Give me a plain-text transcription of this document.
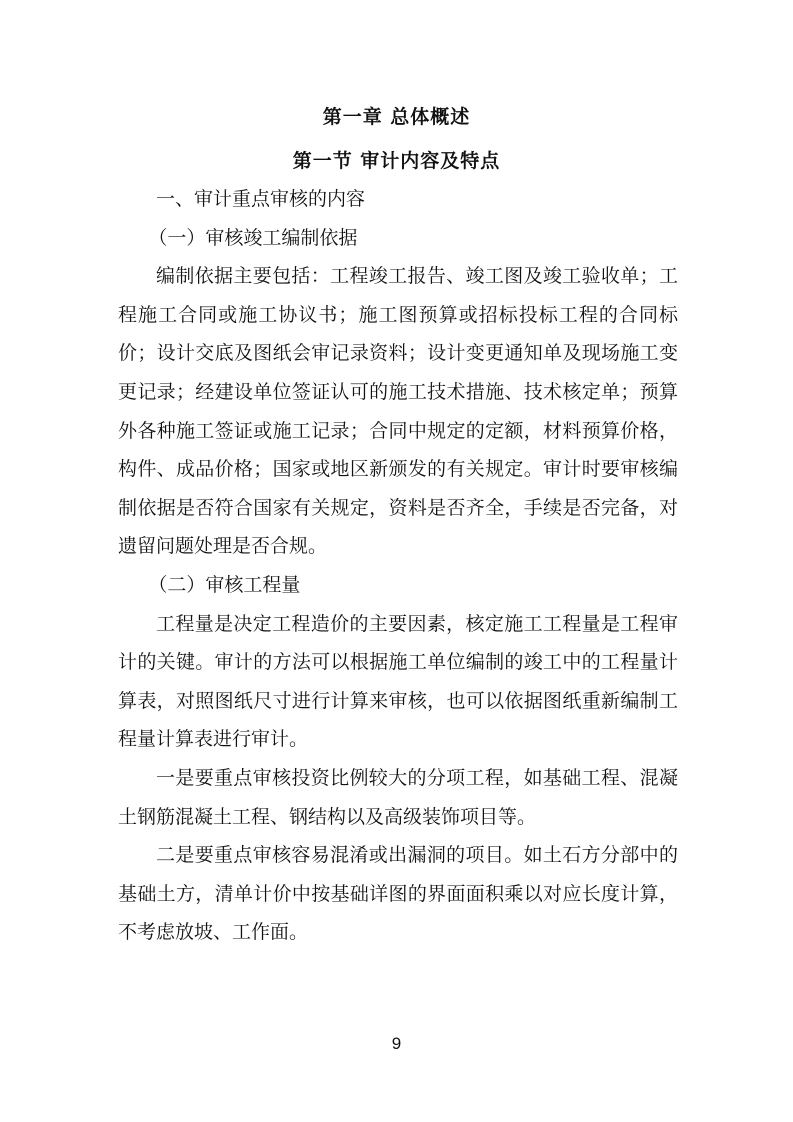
第一章 总体概述
第一节 审计内容及特点

一、审计重点审核的内容

（一）审核竣工编制依据

编制依据主要包括：工程竣工报告、竣工图及竣工验收单；工程施工合同或施工协议书；施工图预算或招标投标工程的合同标价；设计交底及图纸会审记录资料；设计变更通知单及现场施工变更记录；经建设单位签证认可的施工技术措施、技术核定单；预算外各种施工签证或施工记录；合同中规定的定额，材料预算价格，构件、成品价格；国家或地区新颁发的有关规定。审计时要审核编制依据是否符合国家有关规定，资料是否齐全，手续是否完备，对遗留问题处理是否合规。

（二）审核工程量

工程量是决定工程造价的主要因素，核定施工工程量是工程审计的关键。审计的方法可以根据施工单位编制的竣工中的工程量计算表，对照图纸尺寸进行计算来审核，也可以依据图纸重新编制工程量计算表进行审计。

一是要重点审核投资比例较大的分项工程，如基础工程、混凝土钢筋混凝土工程、钢结构以及高级装饰项目等。

二是要重点审核容易混淆或出漏洞的项目。如土石方分部中的基础土方，清单计价中按基础详图的界面面积乘以对应长度计算，不考虑放坡、工作面。

9
